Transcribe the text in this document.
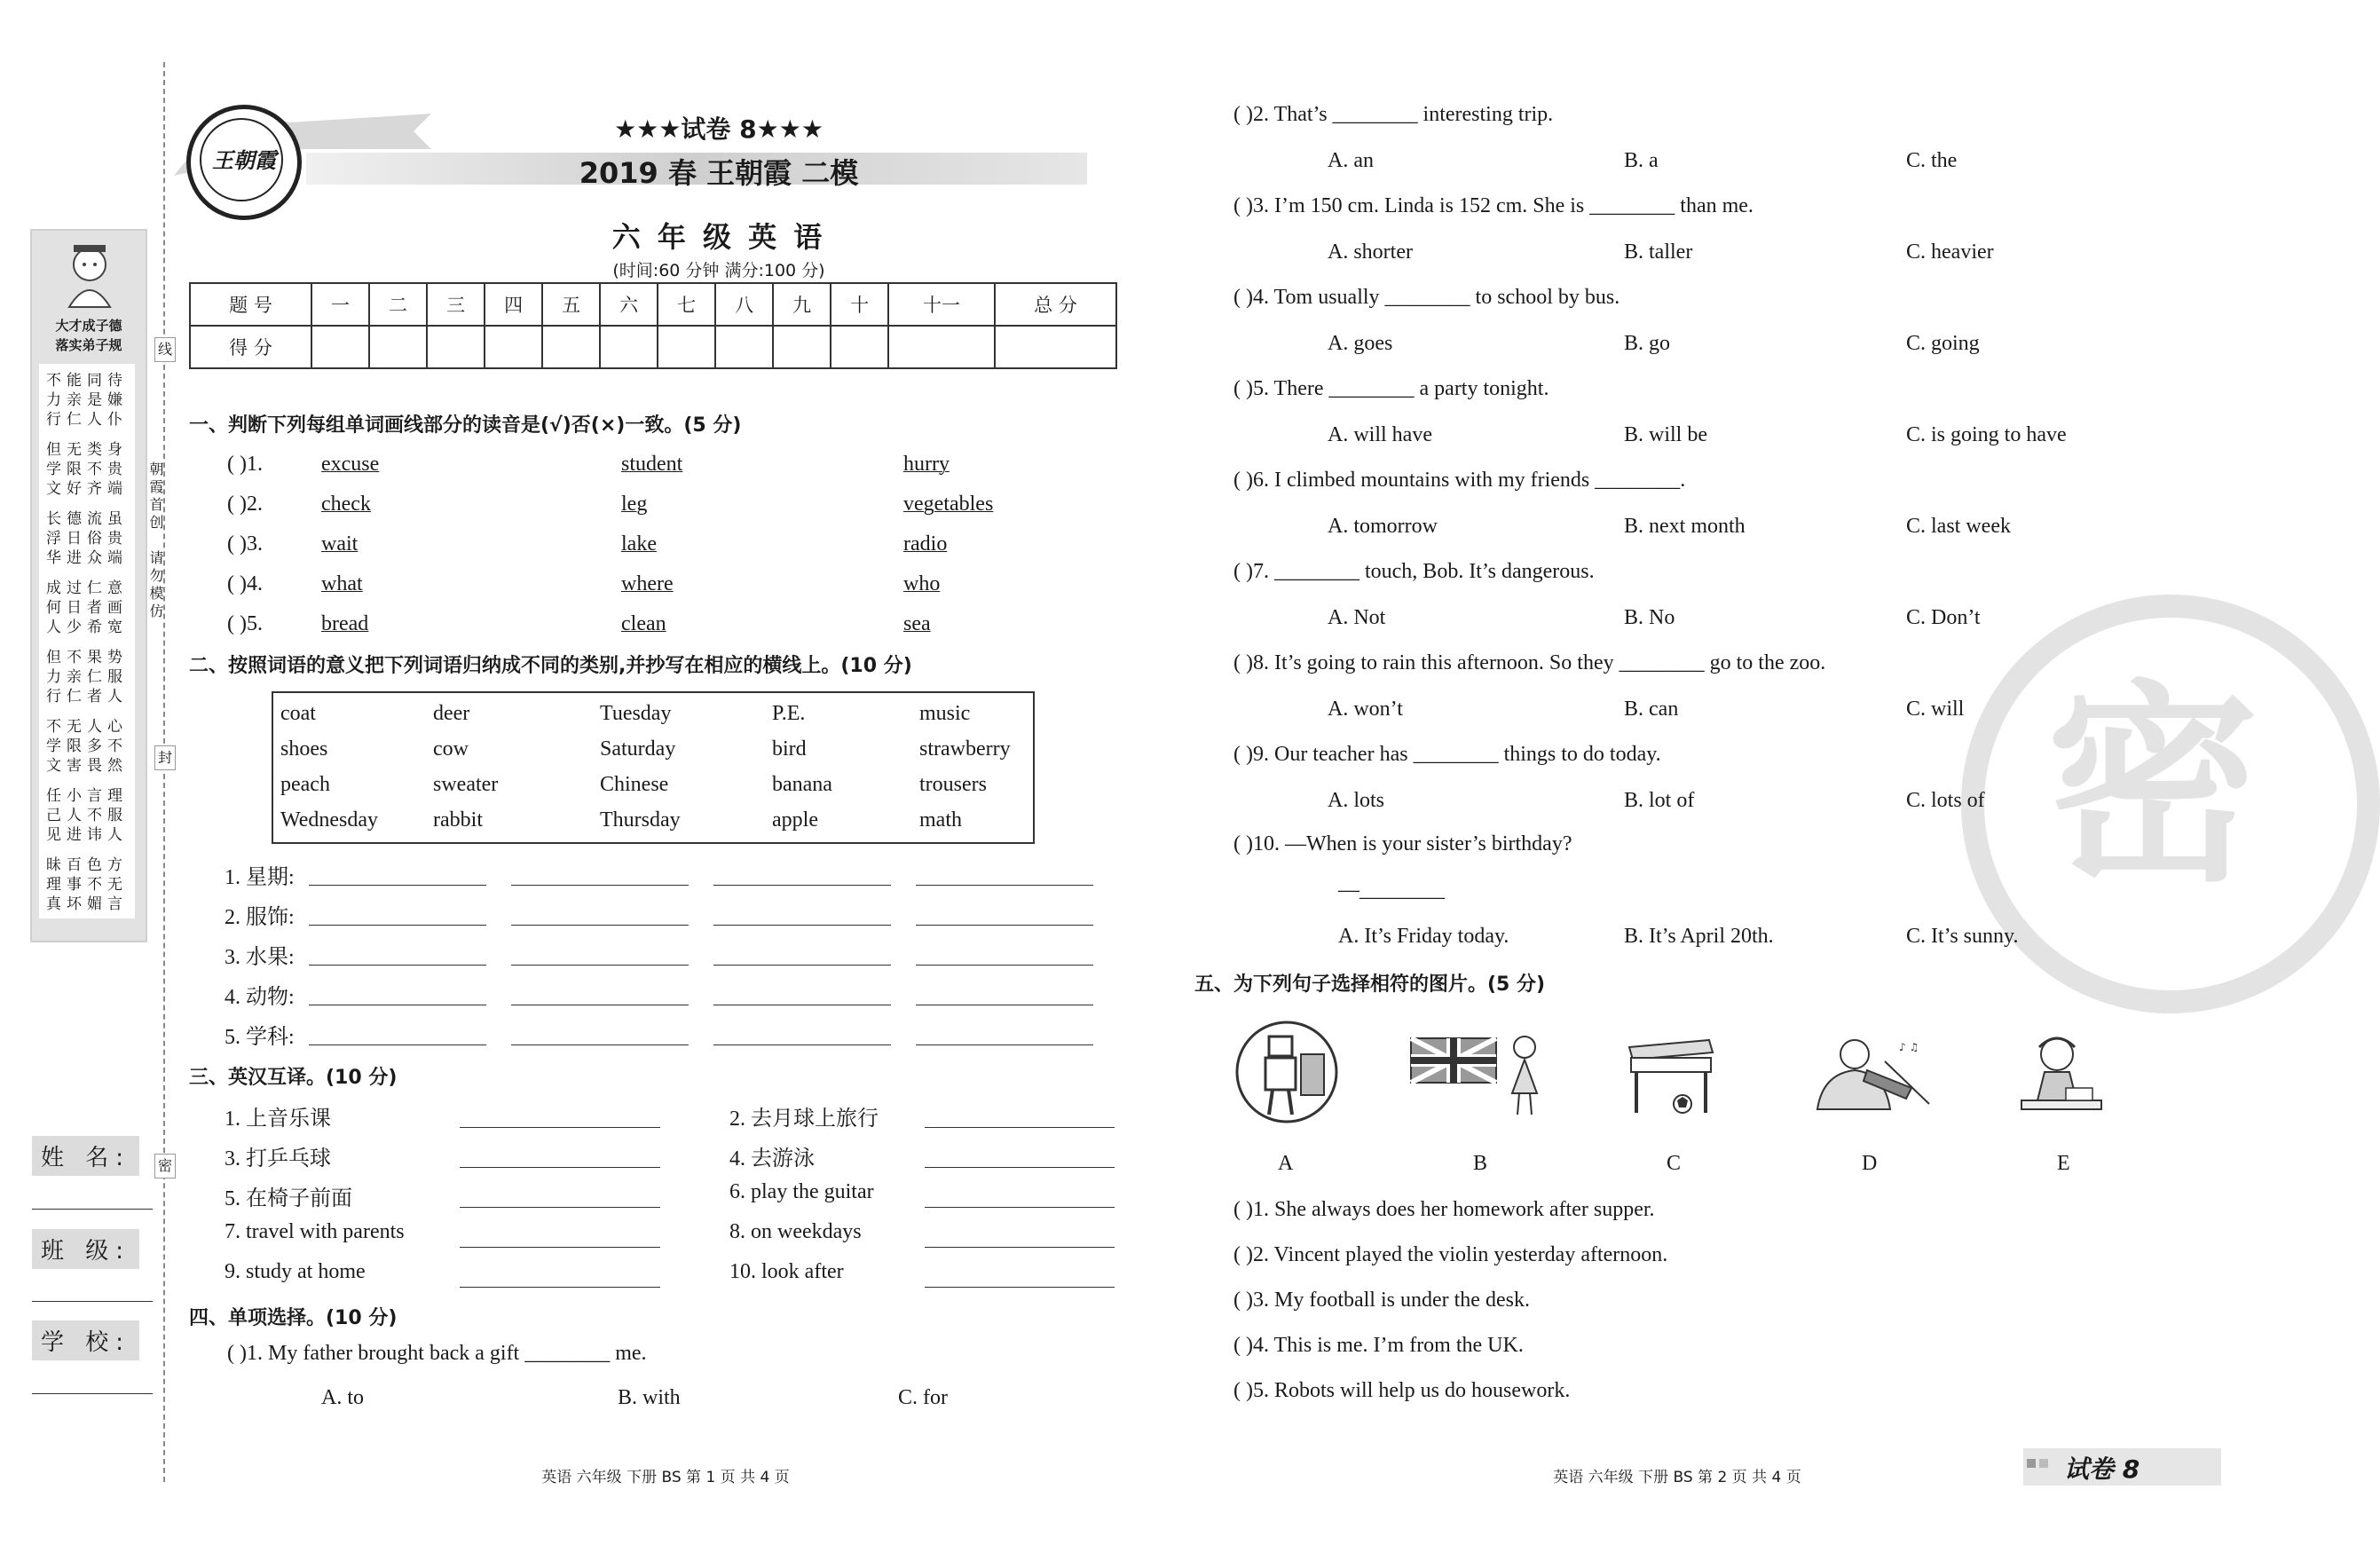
大才成子德
落实弟子规
不能同待
力亲是嫌
行仁人仆
但无类身
学限不贵
文好齐端
长德流虽
浮日俗贵
华进众端
成过仁意
何日者画
人少希宽
但不果势
力亲仁服
行仁者人
不无人心
学限多不
文害畏然
任小言理
己人不服
见进讳人
昧百色方
理事不无
真坏媚言
线
封
密
朝霞首创
请勿模仿
姓 名:
班 级:
学 校:
王朝霞
★★★试卷 8★★★
2019 春 王朝霞 二模
六 年 级 英 语
(时间:60 分钟 满分:100 分)
题 号	一	二	三	四	五	六	七	八	九	十	十一	总 分
得 分												
一、判断下列每组单词画线部分的读音是(√)否(×)一致。(5 分)
( )1.	excuse	student	hurry
( )2.	check	leg	vegetables
( )3.	wait	lake	radio
( )4.	what	where	who
( )5.	bread	clean	sea
二、按照词语的意义把下列词语归纳成不同的类别,并抄写在相应的横线上。(10 分)
coat	deer	Tuesday	P.E.	music
shoes	cow	Saturday	bird	strawberry
peach	sweater	Chinese	banana	trousers
Wednesday	rabbit	Thursday	apple	math
1. 星期:
2. 服饰:
3. 水果:
4. 动物:
5. 学科:
三、英汉互译。(10 分)
1. 上音乐课	2. 去月球上旅行
3. 打乒乓球	4. 去游泳
5. 在椅子前面	6. play the guitar
7. travel with parents	8. on weekdays
9. study at home	10. look after
四、单项选择。(10 分)
( )1. My father brought back a gift ________ me.
A. to	B. with	C. for
英语 六年级 下册 BS 第 1 页 共 4 页
密
( )2. That’s ________ interesting trip.
A. an	B. a	C. the
( )3. I’m 150 cm. Linda is 152 cm. She is ________ than me.
A. shorter	B. taller	C. heavier
( )4. Tom usually ________ to school by bus.
A. goes	B. go	C. going
( )5. There ________ a party tonight.
A. will have	B. will be	C. is going to have
( )6. I climbed mountains with my friends ________.
A. tomorrow	B. next month	C. last week
( )7. ________ touch, Bob. It’s dangerous.
A. Not	B. No	C. Don’t
( )8. It’s going to rain this afternoon. So they ________ go to the zoo.
A. won’t	B. can	C. will
( )9. Our teacher has ________ things to do today.
A. lots	B. lot of	C. lots of
( )10. —When is your sister’s birthday?
—________
A. It’s Friday today.	B. It’s April 20th.	C. It’s sunny.
五、为下列句子选择相符的图片。(5 分)
♪ ♫
A	B	C	D	E
( )1. She always does her homework after supper.
( )2. Vincent played the violin yesterday afternoon.
( )3. My football is under the desk.
( )4. This is me. I’m from the UK.
( )5. Robots will help us do housework.
英语 六年级 下册 BS 第 2 页 共 4 页	试卷 8
